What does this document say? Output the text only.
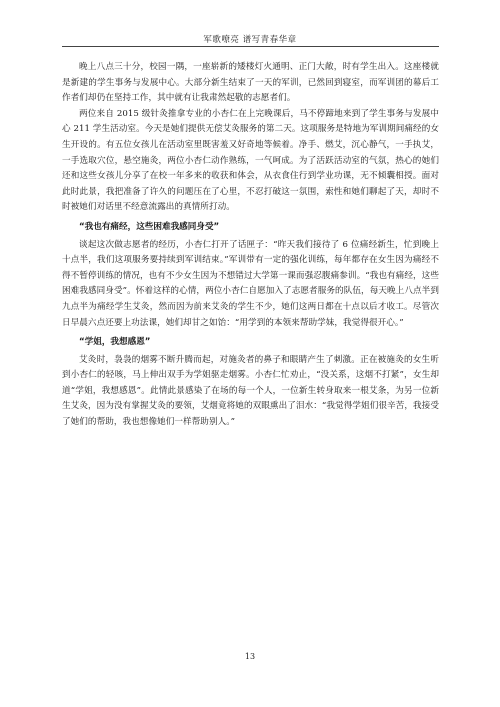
军歌嘹亮 谱写青春华章

晚上八点三十分，校园一隅，一座崭新的矮楼灯火通明、正门大敞，时有学生出入。这座楼就是新建的学生事务与发展中心。大部分新生结束了一天的军训，已然回到寝室，而军训团的幕后工作者们却仍在坚持工作，其中就有让我肃然起敬的志愿者们。

两位来自 2015 级针灸推拿专业的小杏仁在上完晚课后，马不停蹄地来到了学生事务与发展中心 211 学生活动室。今天是她们提供无偿艾灸服务的第二天。这项服务是特地为军训期间痛经的女生开设的。有五位女孩儿在活动室里既害羞又好奇地等候着。净手、燃艾，沉心静气，一手执艾，一手选取穴位，悬空施灸，两位小杏仁动作熟练，一气呵成。为了活跃活动室的气氛，热心的她们还和这些女孩儿分享了在校一年多来的收获和体会，从衣食住行到学业功课，无不倾囊相授。面对此时此景，我把准备了许久的问题压在了心里，不忍打破这一氛围，索性和她们聊起了天，却时不时被她们对话里不经意流露出的真情所打动。

“我也有痛经，这些困难我感同身受”

谈起这次做志愿者的经历，小杏仁打开了话匣子：“昨天我们接待了 6 位痛经新生，忙到晚上十点半，我们这项服务要持续到军训结束。”军训带有一定的强化训练，每年都存在女生因为痛经不得不暂停训练的情况，也有不少女生因为不想错过大学第一课而强忍腹痛参训。“我也有痛经，这些困难我感同身受”。怀着这样的心情，两位小杏仁自愿加入了志愿者服务的队伍，每天晚上八点半到九点半为痛经学生艾灸，然而因为前来艾灸的学生不少，她们这两日都在十点以后才收工。尽管次日早晨六点还要上功法课，她们却甘之如饴：“用学到的本领来帮助学妹，我觉得很开心。”

“学姐，我想感恩”

艾灸时，袅袅的烟雾不断升腾而起，对施灸者的鼻子和眼睛产生了刺激。正在被施灸的女生听到小杏仁的轻咳，马上伸出双手为学姐驱走烟雾。小杏仁忙劝止，“没关系，这烟不打紧”，女生却道“学姐，我想感恩”。此情此景感染了在场的每一个人，一位新生转身取来一根艾条，为另一位新生艾灸，因为没有掌握艾灸的要领，艾烟竟将她的双眼熏出了泪水：“我觉得学姐们很辛苦，我接受了她们的帮助，我也想像她们一样帮助别人。”

13
